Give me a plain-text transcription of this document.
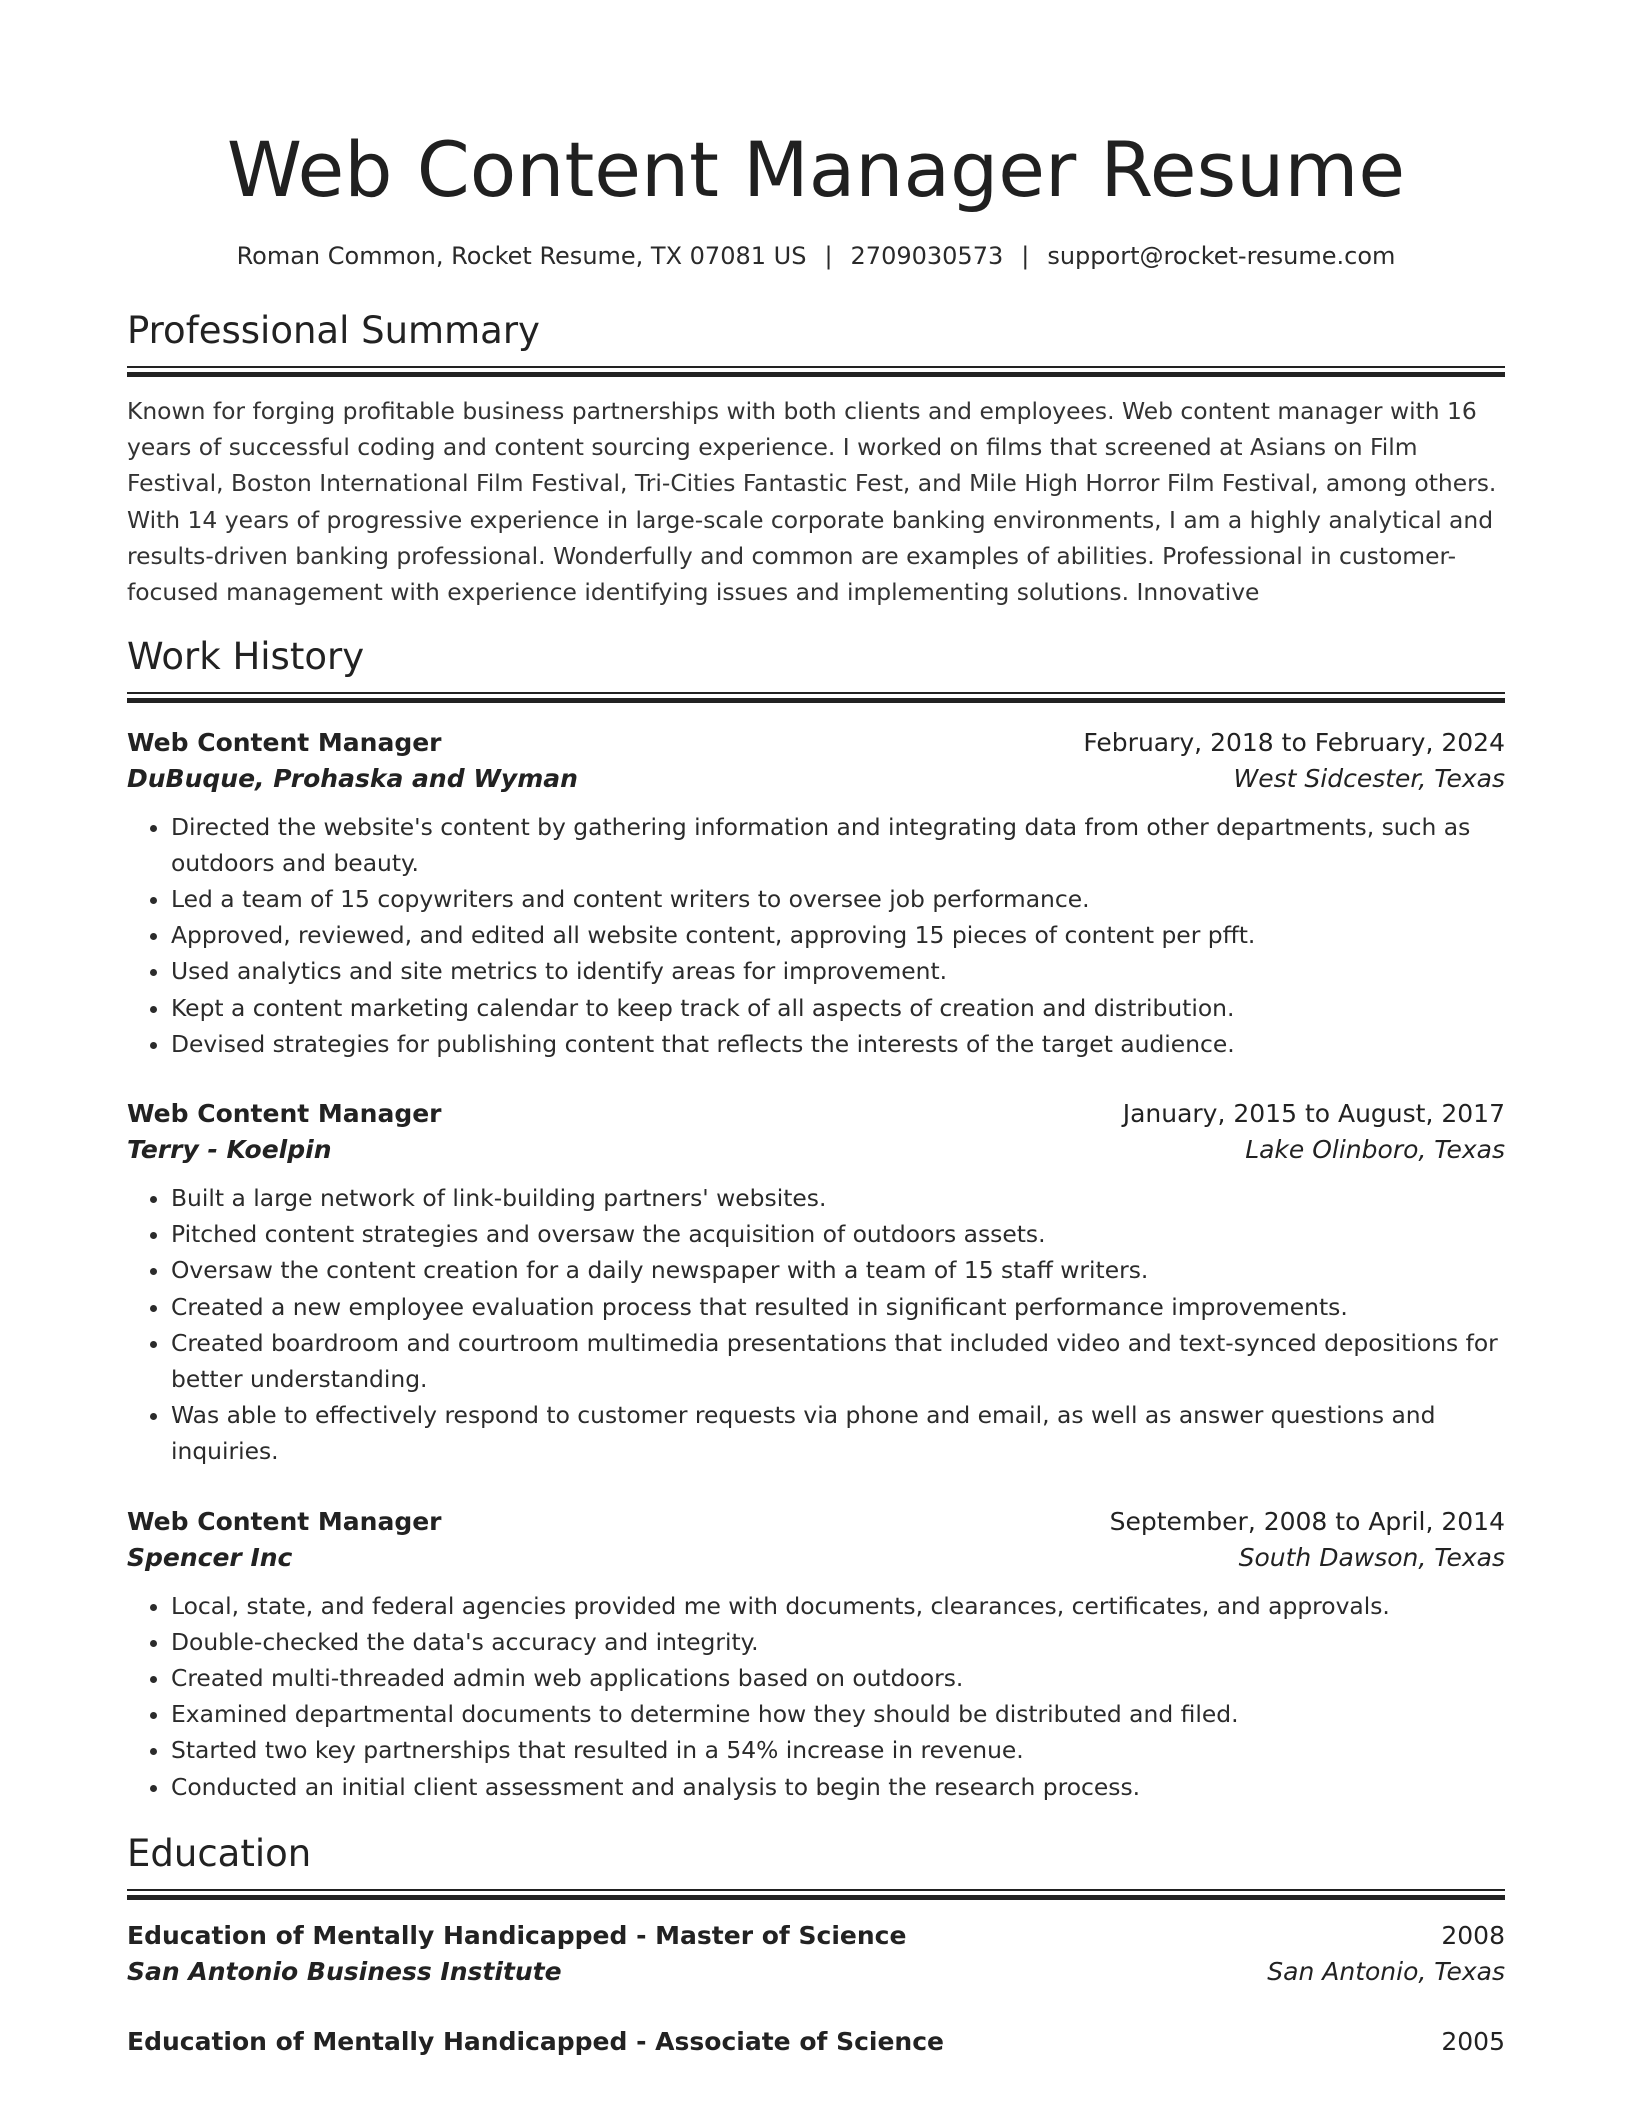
Web Content Manager Resume
Roman Common, Rocket Resume, TX 07081 US | 2709030573 | support@rocket-resume.com
Professional Summary

Known for forging profitable business partnerships with both clients and employees. Web content manager with 16 years of successful coding and content sourcing experience. I worked on films that screened at Asians on Film Festival, Boston International Film Festival, Tri-Cities Fantastic Fest, and Mile High Horror Film Festival, among others. With 14 years of progressive experience in large-scale corporate banking environments, I am a highly analytical and results-driven banking professional. Wonderfully and common are examples of abilities. Professional in customer-focused management with experience identifying issues and implementing solutions. Innovative

Work History
Web Content Manager	February, 2018 to February, 2024
DuBuque, Prohaska and Wyman	West Sidcester, Texas
• Directed the website's content by gathering information and integrating data from other departments, such as outdoors and beauty.
• Led a team of 15 copywriters and content writers to oversee job performance.
• Approved, reviewed, and edited all website content, approving 15 pieces of content per pfft.
• Used analytics and site metrics to identify areas for improvement.
• Kept a content marketing calendar to keep track of all aspects of creation and distribution.
• Devised strategies for publishing content that reflects the interests of the target audience.
Web Content Manager	January, 2015 to August, 2017
Terry - Koelpin	Lake Olinboro, Texas
• Built a large network of link-building partners' websites.
• Pitched content strategies and oversaw the acquisition of outdoors assets.
• Oversaw the content creation for a daily newspaper with a team of 15 staff writers.
• Created a new employee evaluation process that resulted in significant performance improvements.
• Created boardroom and courtroom multimedia presentations that included video and text-synced depositions for better understanding.
• Was able to effectively respond to customer requests via phone and email, as well as answer questions and inquiries.
Web Content Manager	September, 2008 to April, 2014
Spencer Inc	South Dawson, Texas
• Local, state, and federal agencies provided me with documents, clearances, certificates, and approvals.
• Double-checked the data's accuracy and integrity.
• Created multi-threaded admin web applications based on outdoors.
• Examined departmental documents to determine how they should be distributed and filed.
• Started two key partnerships that resulted in a 54% increase in revenue.
• Conducted an initial client assessment and analysis to begin the research process.
Education
Education of Mentally Handicapped - Master of Science	2008
San Antonio Business Institute	San Antonio, Texas
Education of Mentally Handicapped - Associate of Science	2005
